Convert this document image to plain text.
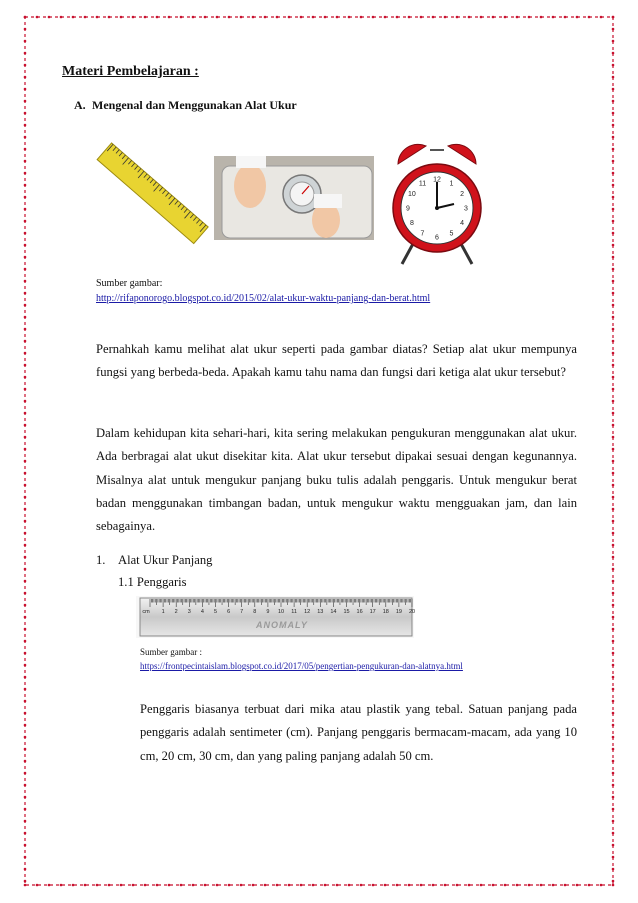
Materi Pembelajaran :

A. Mengenal dan Menggunakan Alat Ukur

1
2
3
4
5
6
7
8
9
10
11
12

Sumber gambar:

http://rifaponorogo.blogspot.co.id/2015/02/alat-ukur-waktu-panjang-dan-berat.html

Pernahkah kamu melihat alat ukur seperti pada gambar diatas? Setiap alat ukur mempunya fungsi yang berbeda-beda. Apakah kamu tahu nama dan fungsi dari ketiga alat ukur tersebut?

Dalam kehidupan kita sehari-hari, kita sering melakukan pengukuran menggunakan alat ukur. Ada berbragai alat ukut disekitar kita. Alat ukur tersebut dipakai sesuai dengan kegunannya. Misalnya alat untuk mengukur panjang buku tulis adalah penggaris. Untuk mengukur berat badan menggunakan timbangan badan, untuk mengukur waktu mengguakan jam, dan lain sebagainya.

1. Alat Ukur Panjang

1.1 Penggaris

cm 1 2 3 4 5 6 7 8 9 10 11 12 13 14 15 16 17 18 19 20
ANOMALY

Sumber gambar :

https://frontpecintaislam.blogspot.co.id/2017/05/pengertian-pengukuran-dan-alatnya.html

Penggaris biasanya terbuat dari mika atau plastik yang tebal. Satuan panjang pada penggaris adalah sentimeter (cm). Panjang penggaris bermacam-macam, ada yang 10 cm, 20 cm, 30 cm, dan yang paling panjang adalah 50 cm.
